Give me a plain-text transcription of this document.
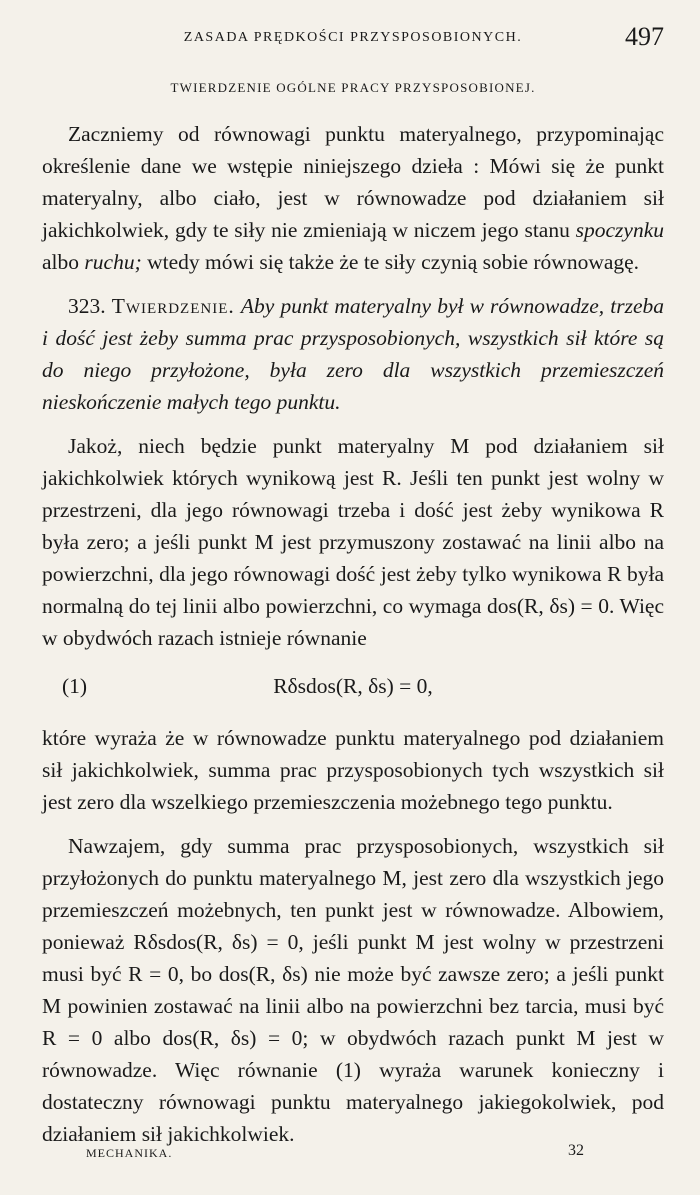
ZASADA PRĘDKOŚCI PRZYSPOSOBIONYCH.	497
TWIERDZENIE OGÓLNE PRACY PRZYSPOSOBIONEJ.

Zaczniemy od równowagi punktu materyalnego, przypominając określenie dane we wstępie niniejszego dzieła : Mówi się że punkt materyalny, albo ciało, jest w równowadze pod działaniem sił jakichkolwiek, gdy te siły nie zmieniają w niczem jego stanu spoczynku albo ruchu; wtedy mówi się także że te siły czynią sobie równowagę.

323. Twierdzenie. Aby punkt materyalny był w równowadze, trzeba i dość jest żeby summa prac przysposobionych, wszystkich sił które są do niego przyłożone, była zero dla wszystkich przemieszczeń nieskończenie małych tego punktu.

Jakoż, niech będzie punkt materyalny M pod działaniem sił jakichkolwiek których wynikową jest R. Jeśli ten punkt jest wolny w przestrzeni, dla jego równowagi trzeba i dość jest żeby wynikowa R była zero; a jeśli punkt M jest przymuszony zostawać na linii albo na powierzchni, dla jego równowagi dość jest żeby tylko wynikowa R była normalną do tej linii albo powierzchni, co wymaga dos(R, δs) = 0. Więc w obydwóch razach istnieje równanie

(1)	Rδsdos(R, δs) = 0,

które wyraża że w równowadze punktu materyalnego pod działaniem sił jakichkolwiek, summa prac przysposobionych tych wszystkich sił jest zero dla wszelkiego przemieszczenia możebnego tego punktu.

Nawzajem, gdy summa prac przysposobionych, wszystkich sił przyłożonych do punktu materyalnego M, jest zero dla wszystkich jego przemieszczeń możebnych, ten punkt jest w równowadze. Albowiem, ponieważ Rδsdos(R, δs) = 0, jeśli punkt M jest wolny w przestrzeni musi być R = 0, bo dos(R, δs) nie może być zawsze zero; a jeśli punkt M powinien zostawać na linii albo na powierzchni bez tarcia, musi być R = 0 albo dos(R, δs) = 0; w obydwóch razach punkt M jest w równowadze. Więc równanie (1) wyraża warunek konieczny i dostateczny równowagi punktu materyalnego jakiegokolwiek, pod działaniem sił jakichkolwiek.

MECHANIKA.	32
